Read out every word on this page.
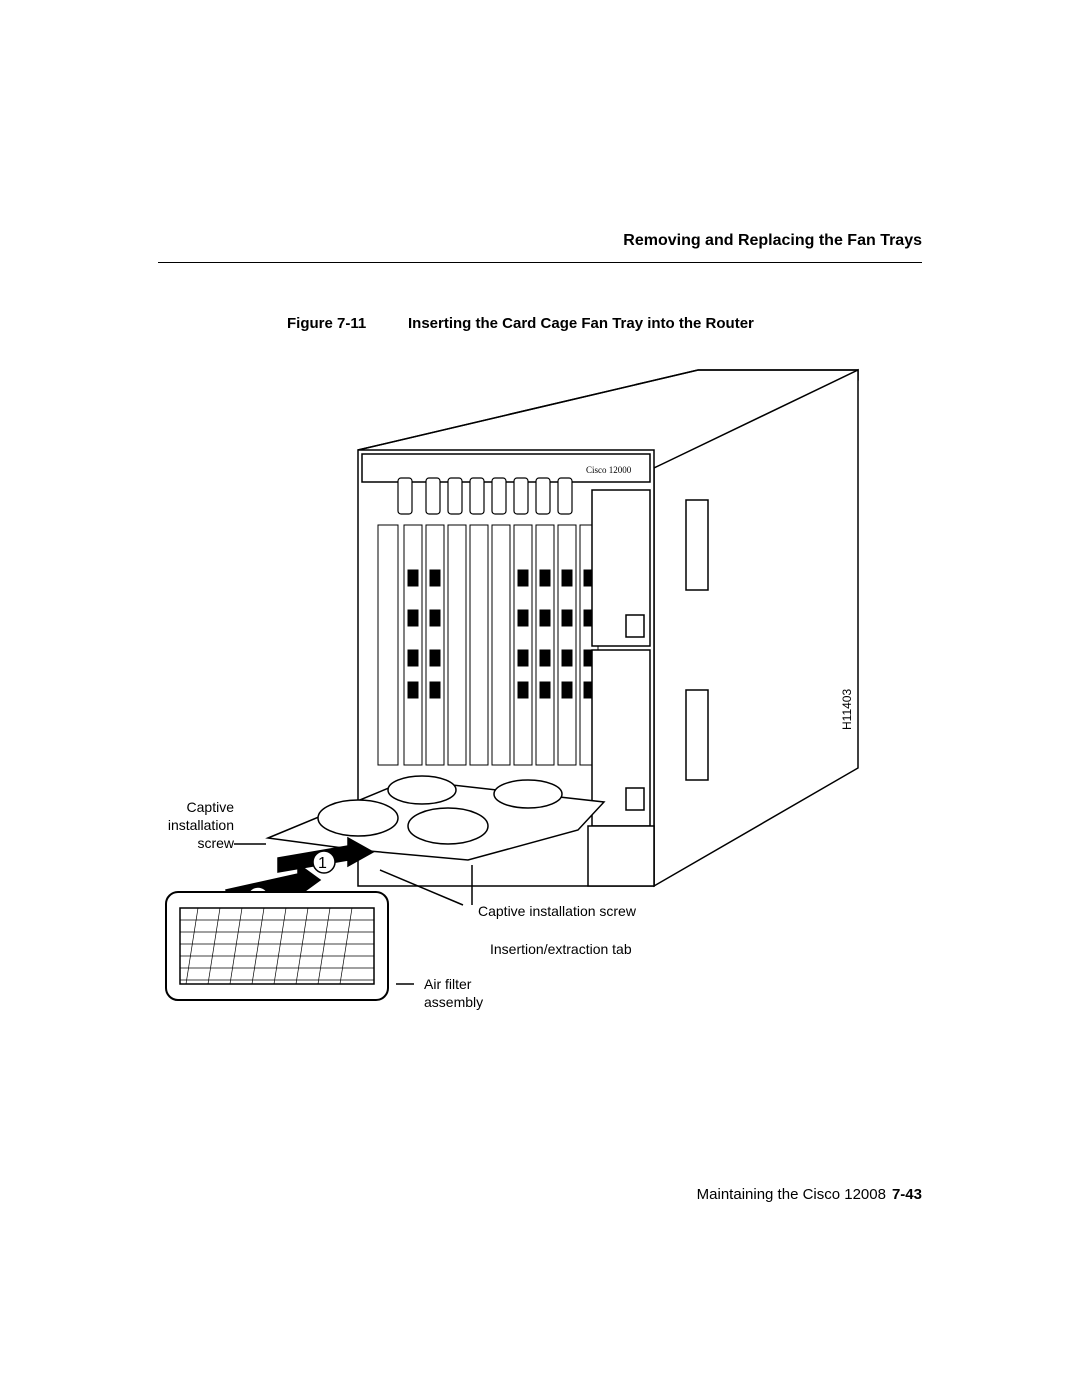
Removing and Replacing the Fan Trays
Figure 7-11	Inserting the Card Cage Fan Tray into the Router
Cisco 12000
1
Captive
installation
screw
Captive installation screw
Insertion/extraction tab
Air filter
assembly
H11403
Maintaining the Cisco 12008 7-43
